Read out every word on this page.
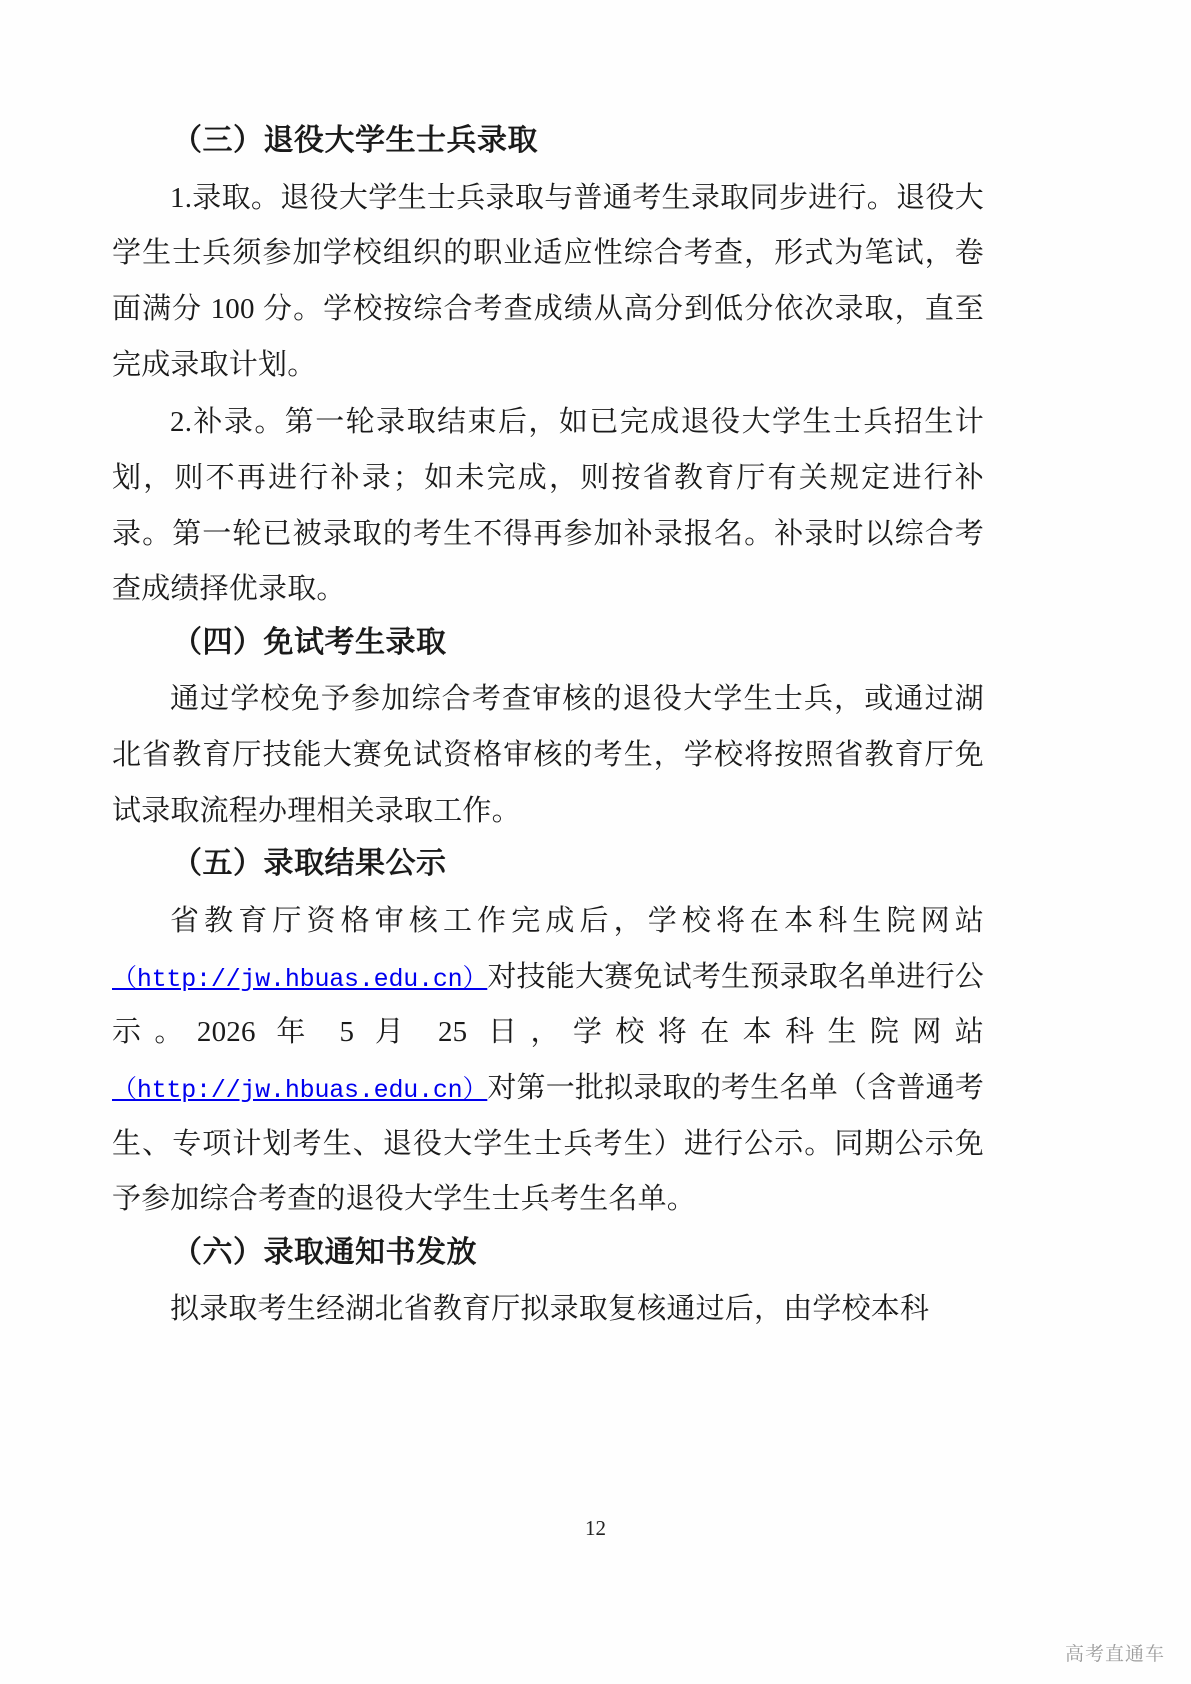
（三）退役大学生士兵录取

1.录取。退役大学生士兵录取与普通考生录取同步进行。退役大学生士兵须参加学校组织的职业适应性综合考查，形式为笔试，卷面满分 100 分。学校按综合考查成绩从高分到低分依次录取，直至完成录取计划。

2.补录。第一轮录取结束后，如已完成退役大学生士兵招生计划，则不再进行补录；如未完成，则按省教育厅有关规定进行补录。第一轮已被录取的考生不得再参加补录报名。补录时以综合考查成绩择优录取。

（四）免试考生录取

通过学校免予参加综合考查审核的退役大学生士兵，或通过湖北省教育厅技能大赛免试资格审核的考生，学校将按照省教育厅免试录取流程办理相关录取工作。

（五）录取结果公示

省教育厅资格审核工作完成后，学校将在本科生院网站（http://jw.hbuas.edu.cn）对技能大赛免试考生预录取名单进行公示。2026 年 5 月 25 日，学校将在本科生院网站（http://jw.hbuas.edu.cn）对第一批拟录取的考生名单（含普通考生、专项计划考生、退役大学生士兵考生）进行公示。同期公示免予参加综合考查的退役大学生士兵考生名单。

（六）录取通知书发放

拟录取考生经湖北省教育厅拟录取复核通过后，由学校本科

12
高考直通车
